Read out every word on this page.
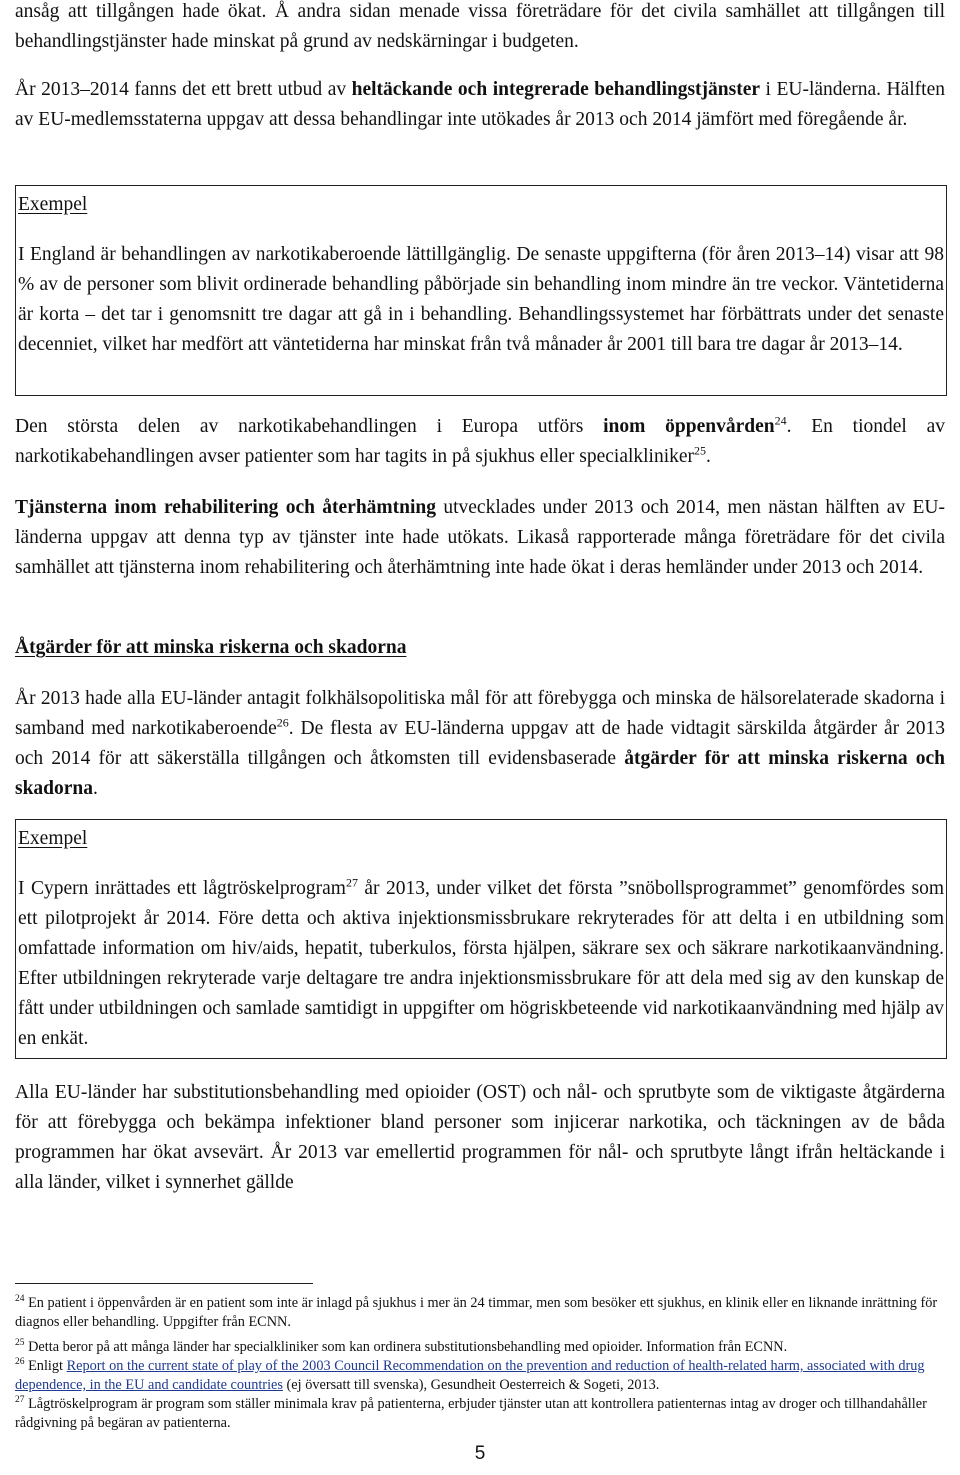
ansåg att tillgången hade ökat. Å andra sidan menade vissa företrädare för det civila samhället att tillgången till behandlingstjänster hade minskat på grund av nedskärningar i budgeten.

År 2013–2014 fanns det ett brett utbud av heltäckande och integrerade behandlingstjänster i EU-länderna. Hälften av EU-medlemsstaterna uppgav att dessa behandlingar inte utökades år 2013 och 2014 jämfört med föregående år.

Exempel

I England är behandlingen av narkotikaberoende lättillgänglig. De senaste uppgifterna (för åren 2013–14) visar att 98 % av de personer som blivit ordinerade behandling påbörjade sin behandling inom mindre än tre veckor. Väntetiderna är korta – det tar i genomsnitt tre dagar att gå in i behandling. Behandlingssystemet har förbättrats under det senaste decenniet, vilket har medfört att väntetiderna har minskat från två månader år 2001 till bara tre dagar år 2013–14.

Den största delen av narkotikabehandlingen i Europa utförs inom öppenvården$^{24}$. En tiondel av narkotikabehandlingen avser patienter som har tagits in på sjukhus eller specialkliniker$^{25}$.

Tjänsterna inom rehabilitering och återhämtning utvecklades under 2013 och 2014, men nästan hälften av EU-länderna uppgav att denna typ av tjänster inte hade utökats. Likaså rapporterade många företrädare för det civila samhället att tjänsterna inom rehabilitering och återhämtning inte hade ökat i deras hemländer under 2013 och 2014.

Åtgärder för att minska riskerna och skadorna

År 2013 hade alla EU-länder antagit folkhälsopolitiska mål för att förebygga och minska de hälsorelaterade skadorna i samband med narkotikaberoende$^{26}$. De flesta av EU-länderna uppgav att de hade vidtagit särskilda åtgärder år 2013 och 2014 för att säkerställa tillgången och åtkomsten till evidensbaserade åtgärder för att minska riskerna och skadorna.

Exempel

I Cypern inrättades ett lågtröskelprogram$^{27}$ år 2013, under vilket det första ”snöbollsprogrammet” genomfördes som ett pilotprojekt år 2014. Före detta och aktiva injektionsmissbrukare rekryterades för att delta i en utbildning som omfattade information om hiv/aids, hepatit, tuberkulos, första hjälpen, säkrare sex och säkrare narkotikaanvändning. Efter utbildningen rekryterade varje deltagare tre andra injektionsmissbrukare för att dela med sig av den kunskap de fått under utbildningen och samlade samtidigt in uppgifter om högriskbeteende vid narkotikaanvändning med hjälp av en enkät.

Alla EU-länder har substitutionsbehandling med opioider (OST) och nål- och sprutbyte som de viktigaste åtgärderna för att förebygga och bekämpa infektioner bland personer som injicerar narkotika, och täckningen av de båda programmen har ökat avsevärt. År 2013 var emellertid programmen för nål- och sprutbyte långt ifrån heltäckande i alla länder, vilket i synnerhet gällde

$^{24}$ En patient i öppenvården är en patient som inte är inlagd på sjukhus i mer än 24 timmar, men som besöker ett sjukhus, en klinik eller en liknande inrättning för diagnos eller behandling. Uppgifter från ECNN.
$^{25}$ Detta beror på att många länder har specialkliniker som kan ordinera substitutionsbehandling med opioider. Information från ECNN.
$^{26}$ Enligt Report on the current state of play of the 2003 Council Recommendation on the prevention and reduction of health-related harm, associated with drug dependence, in the EU and candidate countries (ej översatt till svenska), Gesundheit Oesterreich & Sogeti, 2013.
$^{27}$ Lågtröskelprogram är program som ställer minimala krav på patienterna, erbjuder tjänster utan att kontrollera patienternas intag av droger och tillhandahåller rådgivning på begäran av patienterna.
5
